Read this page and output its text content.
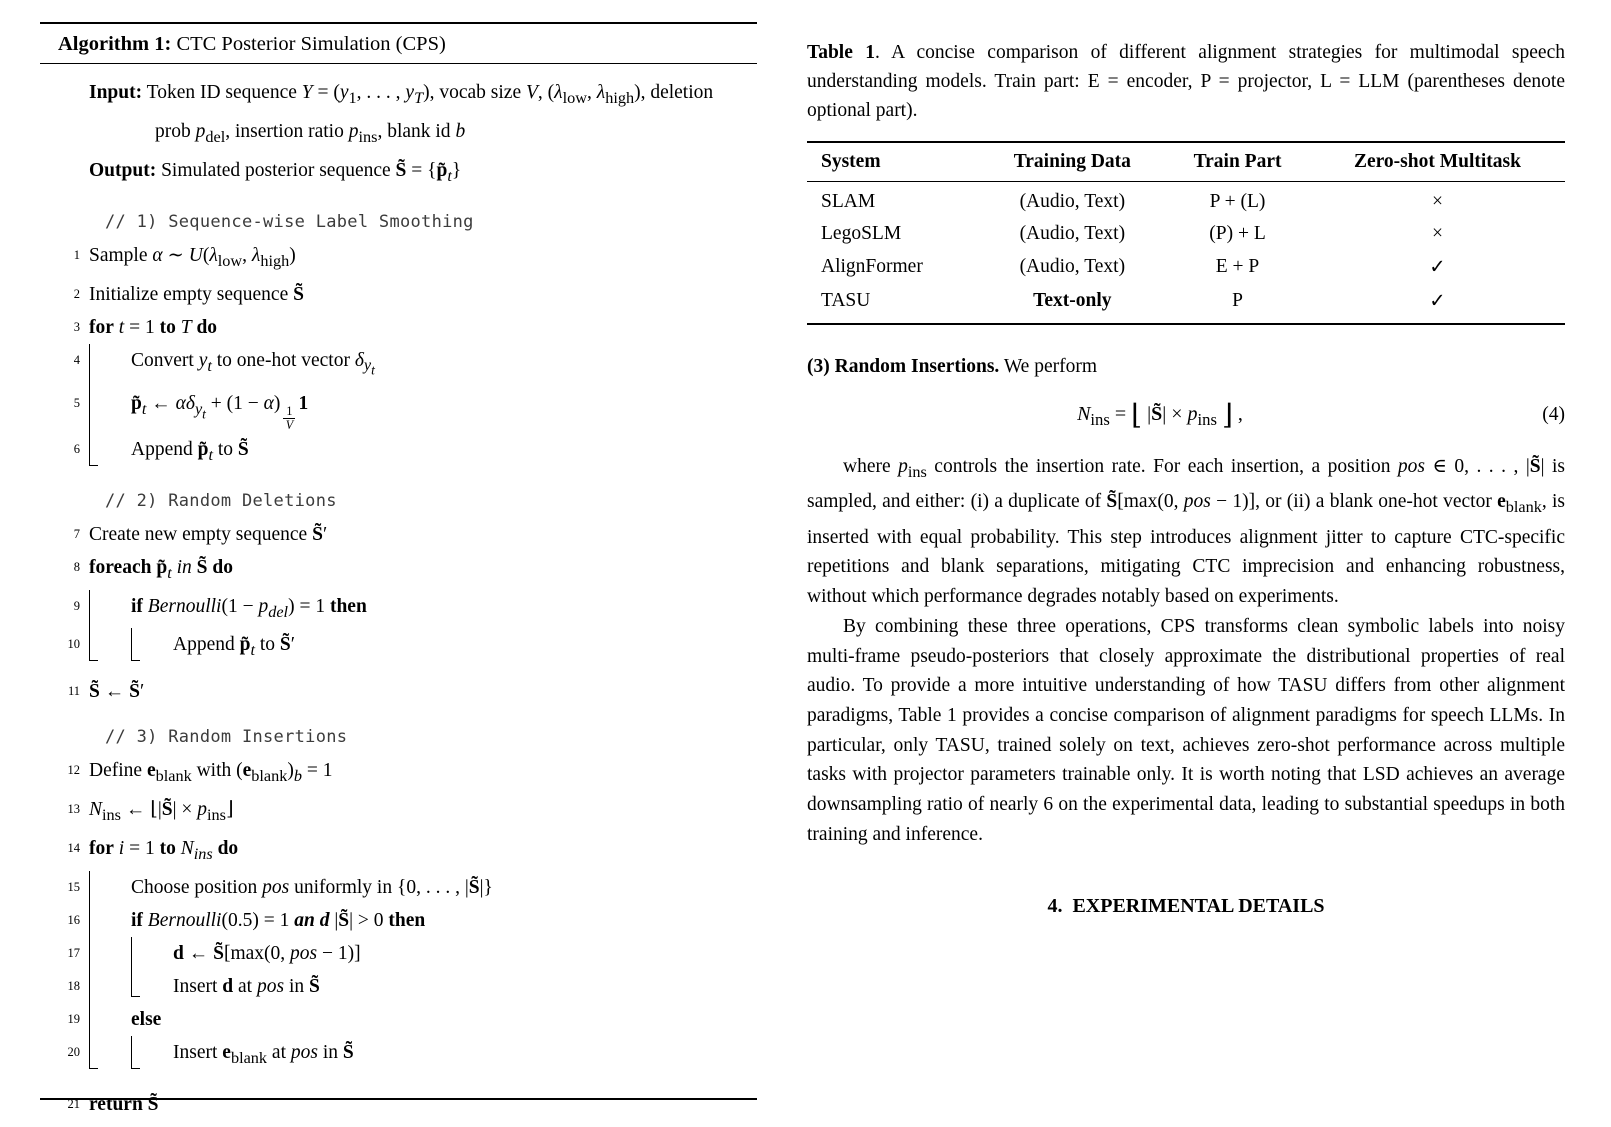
Algorithm 1: CTC Posterior Simulation (CPS)
Input: Token ID sequence $Y = (y_1$, . . . , $y_T$), vocab size V, ($\lambda_{low}$, $\lambda_{high}$), deletion prob $p_{del}$, insertion ratio $p_{ins}$, blank id b
Output: Simulated posterior sequence S̃ = $\{p̃_t\}$
// 1) Sequence-wise Label Smoothing
1 Sample α ∼ $U(\lambda_{low}$, $\lambda_{high}$)
2 Initialize empty sequence S̃
3 for t = 1 to T do
4	Convert $y_t$ to one-hot vector $\delta_{y_t}$
5	$p̃_t$ ← $\alpha\delta_{y_t} + (1 - \alpha)$
$\frac{1}{V}$
1
6	Append $p̃_t$ to S̃
// 2) Random Deletions
7 Create new empty sequence S̃′
8 foreach $p̃_t$ in S̃ do
9	if Bernoulli(1 − $p_{del}) = 1$ then
10	Append $p̃_t$ to S̃′
11 S̃ ← S̃′
// 3) Random Insertions
12 Define $e_{blank}$ with $(e_{blank})_b = 1$
13 $N_{ins}$ ← ⌊|S̃| × $p_{ins}⌋$
14 for i = 1 to $N_{ins}$ do
15	Choose position pos uniformly in {0, . . . , |S̃|}
16	if Bernoulli(0.5) = 1 an d |S̃| > 0 then
17	d ← S̃[max(0, pos − 1)]
18	Insert d at pos in S̃
19	else
20	Insert $e_{blank}$ at pos in S̃
21 return S̃
Table 1. A concise comparison of different alignment strategies for multimodal speech understanding models. Train part: E = encoder, P = projector, L = LLM (parentheses denote optional part).
System	Training Data	Train Part	Zero-shot Multitask
SLAM	(Audio, Text)	P + (L)	×
LegoSLM	(Audio, Text)	(P) + L	×
AlignFormer	(Audio, Text)	E + P	✓
TASU	Text-only	P	✓
(3) Random Insertions. We perform
$N_{ins}$ = ⌊ |S̃| × $p_{ins}$ ⌋ ,	(4)
where $p_{ins}$ controls the insertion rate. For each insertion, a position pos ∈ 0, . . . , |S̃| is sampled, and either: (i) a duplicate of S̃[max(0, pos − 1)], or (ii) a blank one-hot vector $e_{blank}$, is inserted with equal probability. This step introduces alignment jitter to capture CTC-specific repetitions and blank separations, mitigating CTC imprecision and enhancing robustness, without which performance degrades notably based on experiments.
By combining these three operations, CPS transforms clean symbolic labels into noisy multi-frame pseudo-posteriors that closely approximate the distributional properties of real audio. To provide a more intuitive understanding of how TASU differs from other alignment paradigms, Table 1 provides a concise comparison of alignment paradigms for speech LLMs. In particular, only TASU, trained solely on text, achieves zero-shot performance across multiple tasks with projector parameters trainable only. It is worth noting that LSD achieves an average downsampling ratio of nearly 6 on the experimental data, leading to substantial speedups in both training and inference.
4.  EXPERIMENTAL DETAILS
